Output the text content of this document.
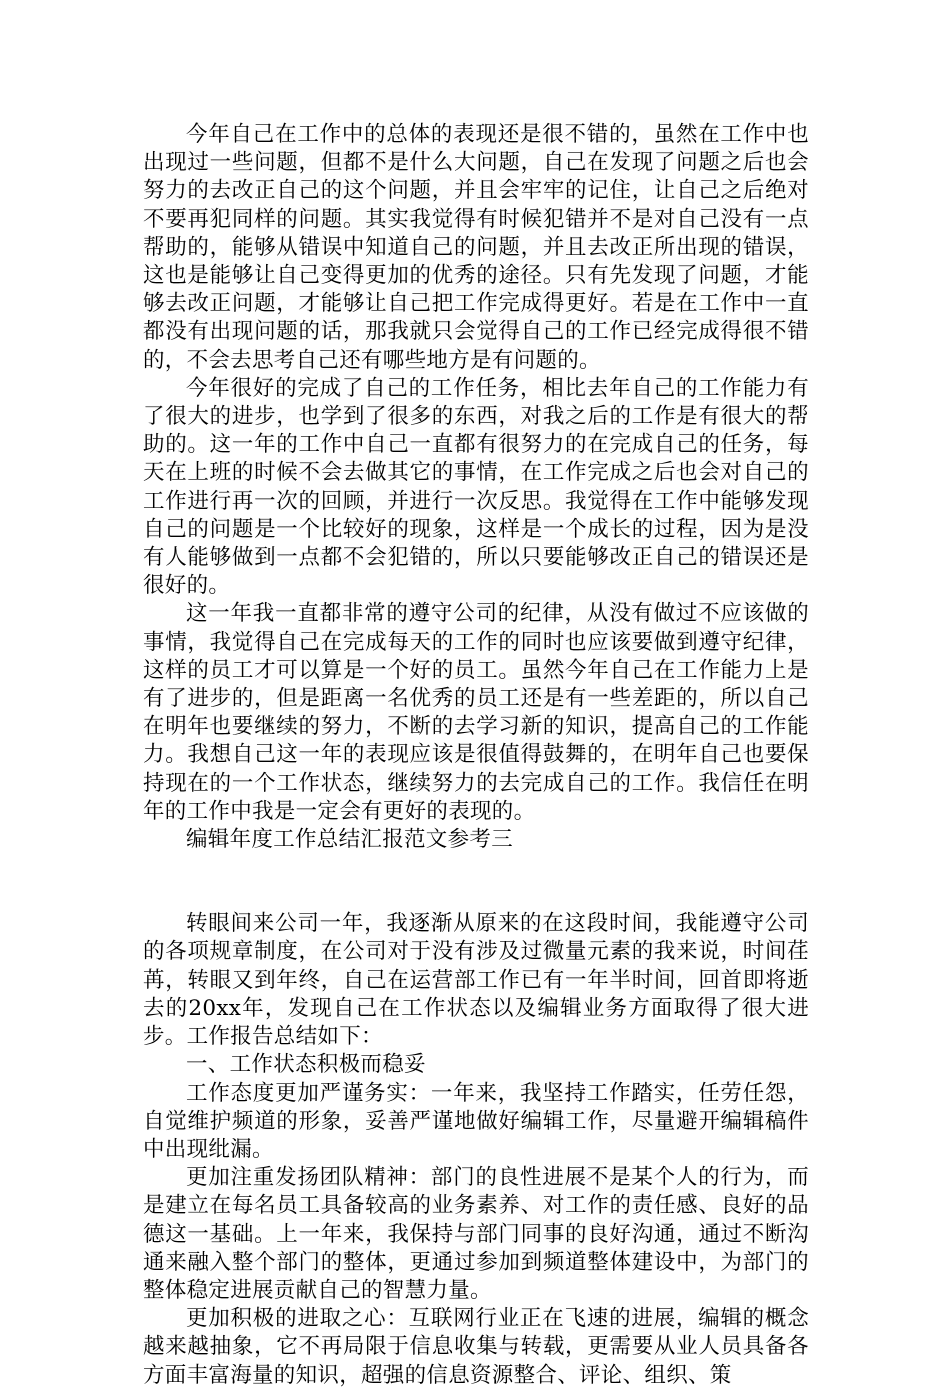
今年自己在工作中的总体的表现还是很不错的，虽然在工作中也出现过一些问题，但都不是什么大问题，自己在发现了问题之后也会努力的去改正自己的这个问题，并且会牢牢的记住，让自己之后绝对不要再犯同样的问题。其实我觉得有时候犯错并不是对自己没有一点帮助的，能够从错误中知道自己的问题，并且去改正所出现的错误，这也是能够让自己变得更加的优秀的途径。只有先发现了问题，才能够去改正问题，才能够让自己把工作完成得更好。若是在工作中一直都没有出现问题的话，那我就只会觉得自己的工作已经完成得很不错的，不会去思考自己还有哪些地方是有问题的。

今年很好的完成了自己的工作任务，相比去年自己的工作能力有了很大的进步，也学到了很多的东西，对我之后的工作是有很大的帮助的。这一年的工作中自己一直都有很努力的在完成自己的任务，每天在上班的时候不会去做其它的事情，在工作完成之后也会对自己的工作进行再一次的回顾，并进行一次反思。我觉得在工作中能够发现自己的问题是一个比较好的现象，这样是一个成长的过程，因为是没有人能够做到一点都不会犯错的，所以只要能够改正自己的错误还是很好的。

这一年我一直都非常的遵守公司的纪律，从没有做过不应该做的事情，我觉得自己在完成每天的工作的同时也应该要做到遵守纪律，这样的员工才可以算是一个好的员工。虽然今年自己在工作能力上是有了进步的，但是距离一名优秀的员工还是有一些差距的，所以自己在明年也要继续的努力，不断的去学习新的知识，提高自己的工作能力。我想自己这一年的表现应该是很值得鼓舞的，在明年自己也要保持现在的一个工作状态，继续努力的去完成自己的工作。我信任在明年的工作中我是一定会有更好的表现的。

编辑年度工作总结汇报范文参考三

转眼间来公司一年，我逐渐从原来的在这段时间，我能遵守公司的各项规章制度，在公司对于没有涉及过微量元素的我来说，时间荏苒，转眼又到年终，自己在运营部工作已有一年半时间，回首即将逝去的20xx年，发现自己在工作状态以及编辑业务方面取得了很大进步。工作报告总结如下：

一、工作状态积极而稳妥

工作态度更加严谨务实：一年来，我坚持工作踏实，任劳任怨，自觉维护频道的形象，妥善严谨地做好编辑工作，尽量避开编辑稿件中出现纰漏。

更加注重发扬团队精神：部门的良性进展不是某个人的行为，而是建立在每名员工具备较高的业务素养、对工作的责任感、良好的品德这一基础。上一年来，我保持与部门同事的良好沟通，通过不断沟通来融入整个部门的整体，更通过参加到频道整体建设中，为部门的整体稳定进展贡献自己的智慧力量。

更加积极的进取之心：互联网行业正在飞速的进展，编辑的概念越来越抽象，它不再局限于信息收集与转载，更需要从业人员具备各方面丰富海量的知识，超强的信息资源整合、评论、组织、策
